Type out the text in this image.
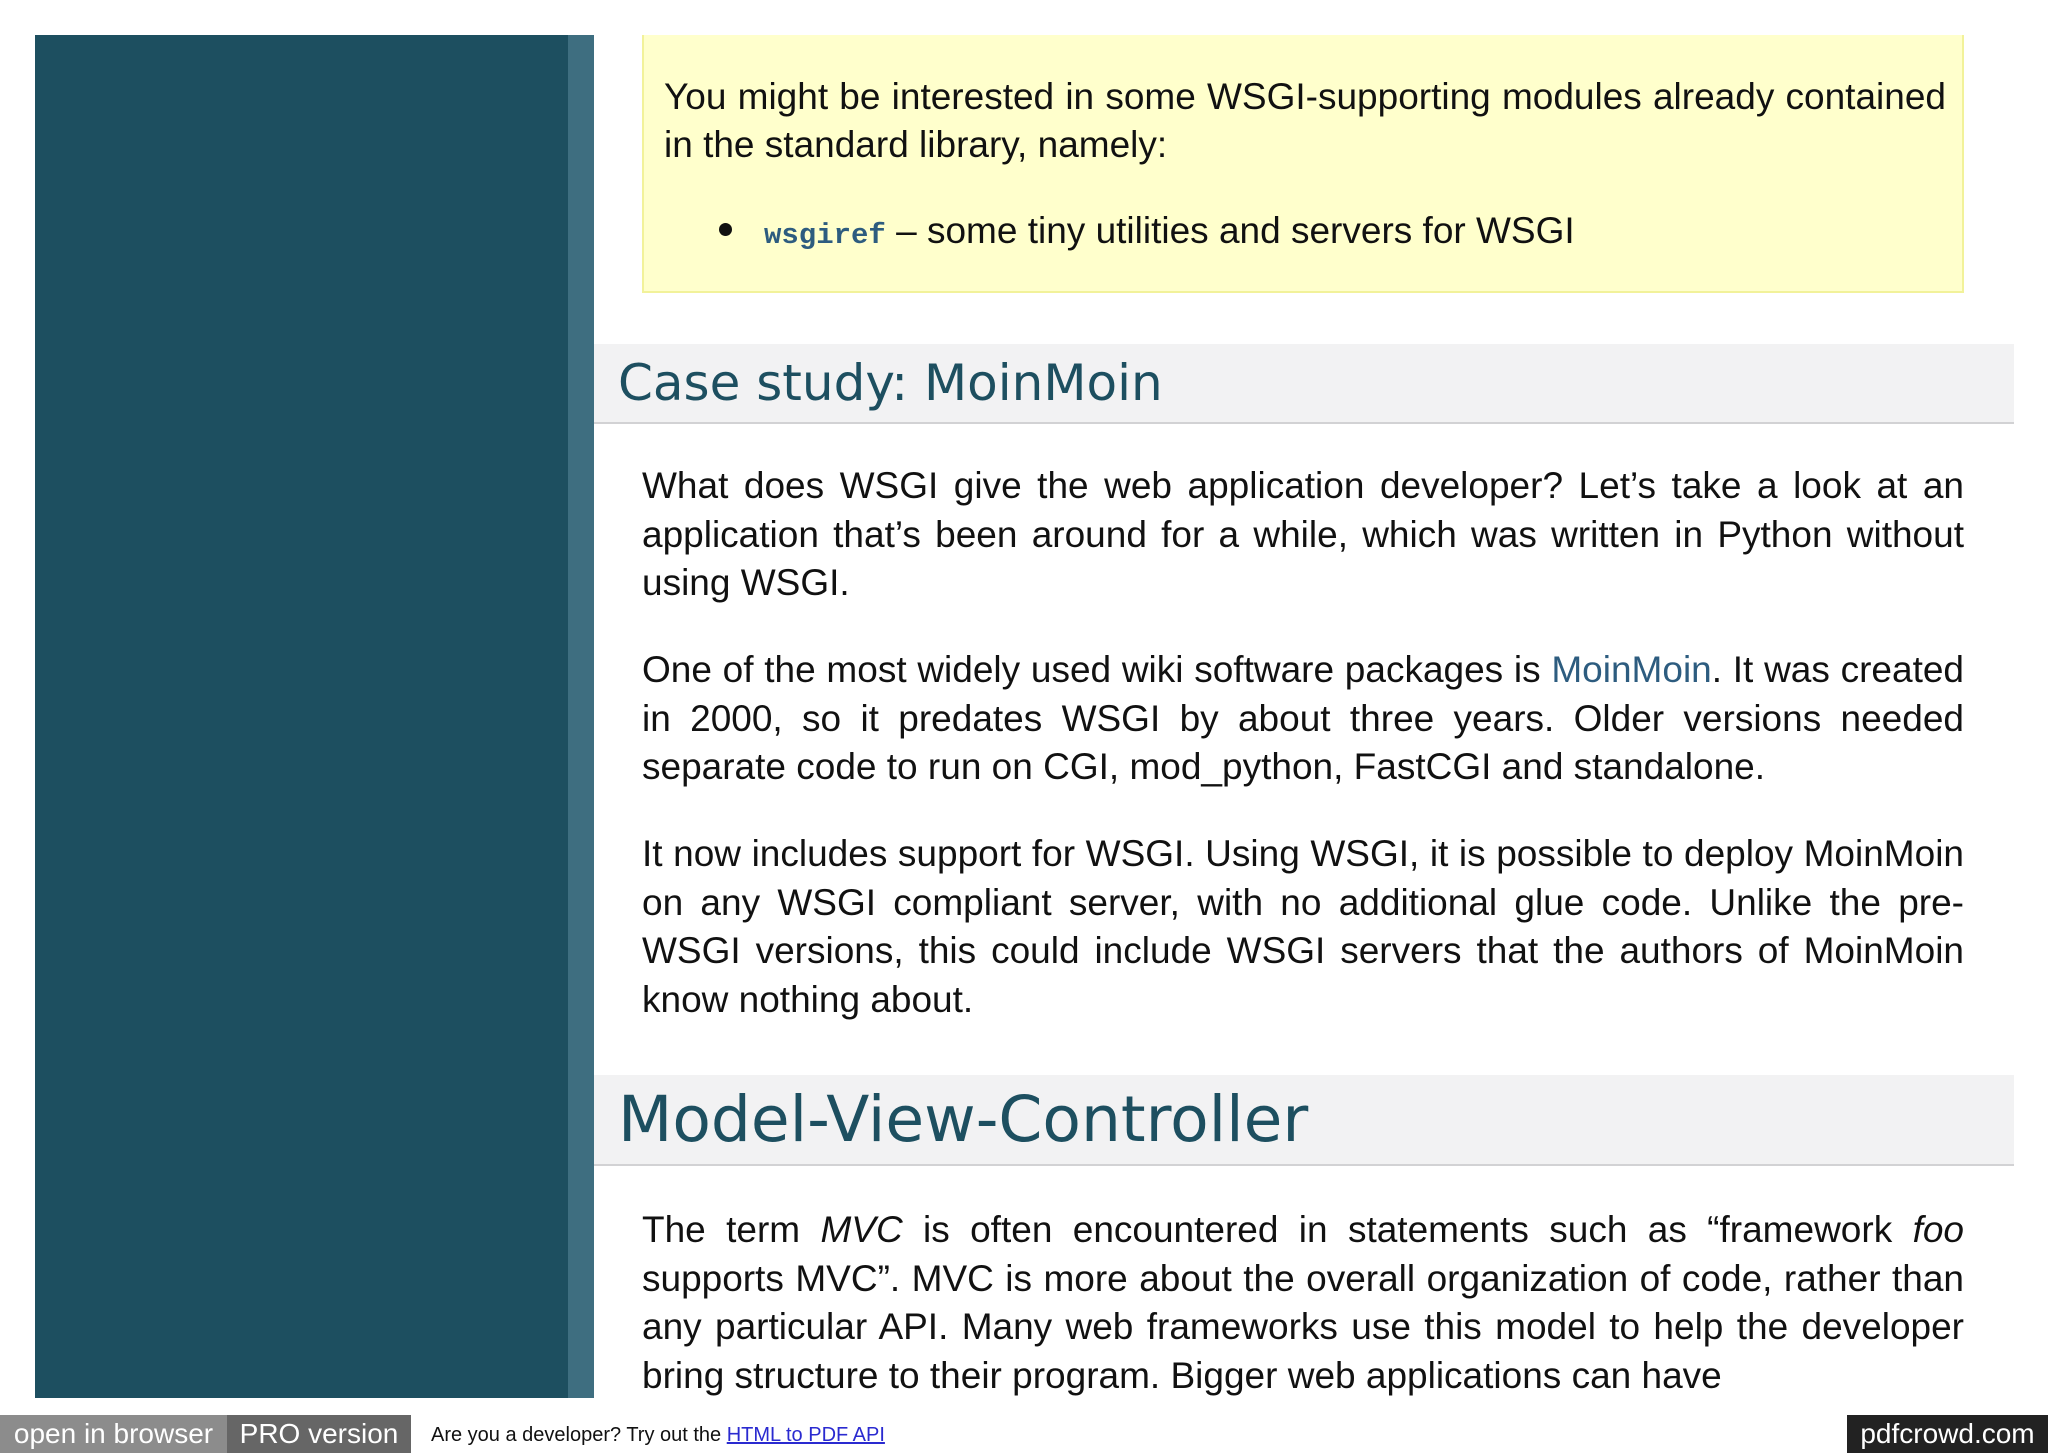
You might be interested in some WSGI-supporting modules already contained in the standard library, namely:

wsgiref – some tiny utilities and servers for WSGI
Case study: MoinMoin

What does WSGI give the web application developer? Let’s take a look at an application that’s been around for a while, which was written in Python without using WSGI.

One of the most widely used wiki software packages is MoinMoin. It was created in 2000, so it predates WSGI by about three years. Older versions needed separate code to run on CGI, mod_python, FastCGI and standalone.

It now includes support for WSGI. Using WSGI, it is possible to deploy MoinMoin on any WSGI compliant server, with no additional glue code. Unlike the pre-WSGI versions, this could include WSGI servers that the authors of MoinMoin know nothing about.

Model-View-Controller

The term MVC is often encountered in statements such as “framework foo supports MVC”. MVC is more about the overall organization of code, rather than any particular API. Many web frameworks use this model to help the developer bring structure to their program. Bigger web applications can have

open in browser PRO version	Are you a developer? Try out the HTML to PDF API	pdfcrowd.com
